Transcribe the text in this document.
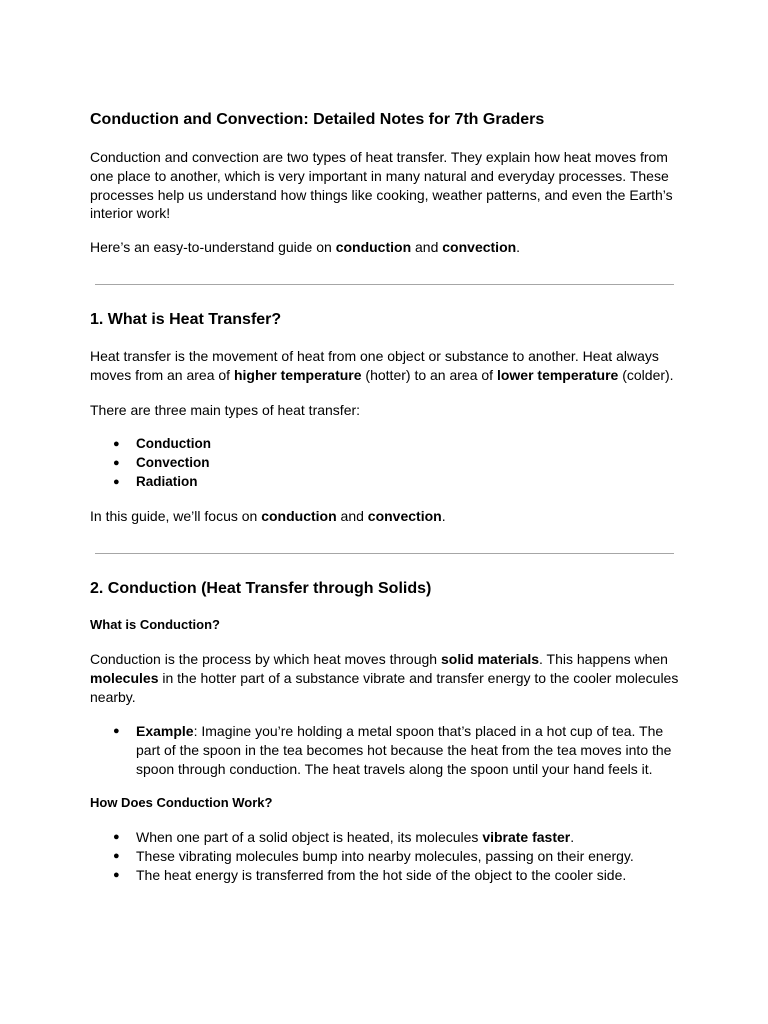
Conduction and Convection: Detailed Notes for 7th Graders

Conduction and convection are two types of heat transfer. They explain how heat moves from one place to another, which is very important in many natural and everyday processes. These processes help us understand how things like cooking, weather patterns, and even the Earth’s interior work!

Here’s an easy-to-understand guide on conduction and convection.

1. What is Heat Transfer?

Heat transfer is the movement of heat from one object or substance to another. Heat always moves from an area of higher temperature (hotter) to an area of lower temperature (colder).

There are three main types of heat transfer:

● Conduction
● Convection
● Radiation

In this guide, we’ll focus on conduction and convection.

2. Conduction (Heat Transfer through Solids)
What is Conduction?

Conduction is the process by which heat moves through solid materials. This happens when molecules in the hotter part of a substance vibrate and transfer energy to the cooler molecules nearby.

● Example: Imagine you’re holding a metal spoon that’s placed in a hot cup of tea. The part of the spoon in the tea becomes hot because the heat from the tea moves into the spoon through conduction. The heat travels along the spoon until your hand feels it.
How Does Conduction Work?
● When one part of a solid object is heated, its molecules vibrate faster.
● These vibrating molecules bump into nearby molecules, passing on their energy.
● The heat energy is transferred from the hot side of the object to the cooler side.
